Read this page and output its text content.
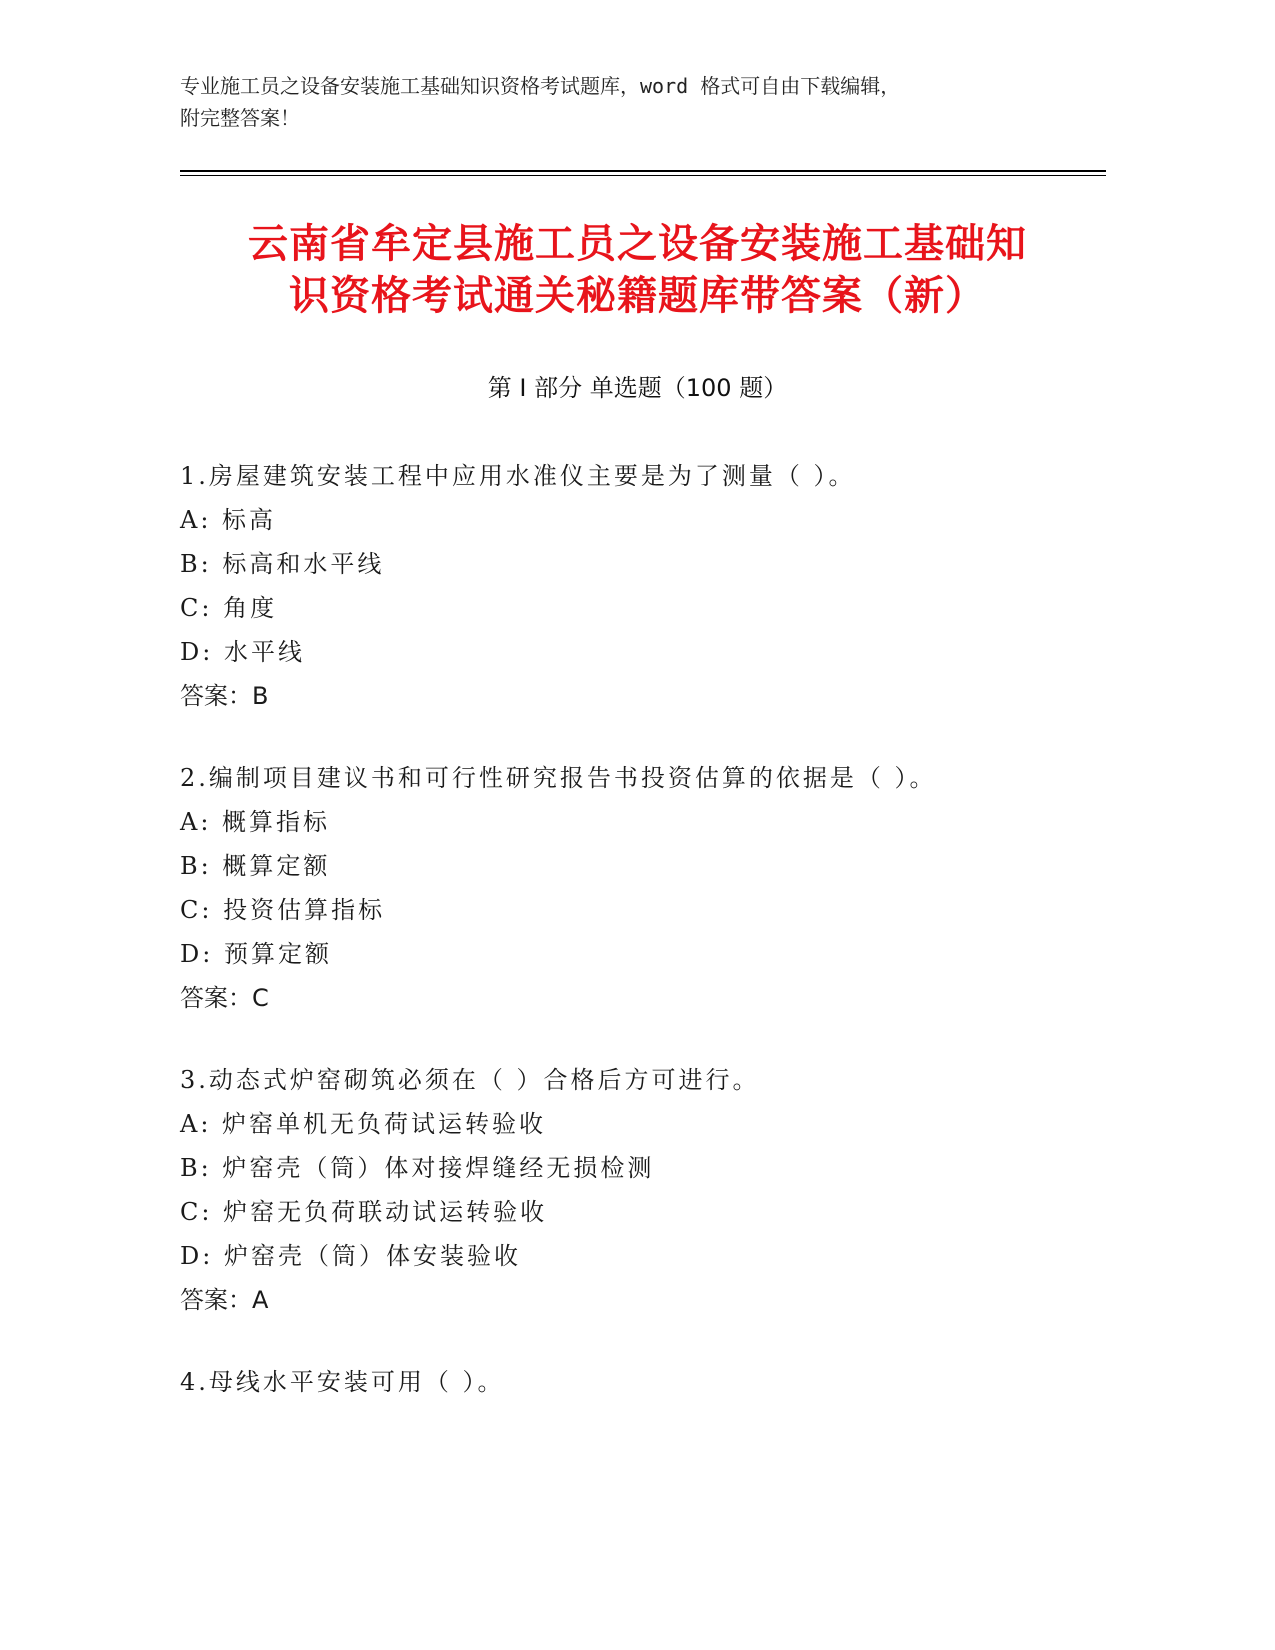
专业施工员之设备安装施工基础知识资格考试题库，word 格式可自由下载编辑，
附完整答案！
云南省牟定县施工员之设备安装施工基础知
识资格考试通关秘籍题库带答案（新）
第 I 部分 单选题（100 题）
1.房屋建筑安装工程中应用水准仪主要是为了测量（ ）。
A: 标高
B: 标高和水平线
C: 角度
D: 水平线
答案：B
2.编制项目建议书和可行性研究报告书投资估算的依据是（ ）。
A: 概算指标
B: 概算定额
C: 投资估算指标
D: 预算定额
答案：C
3.动态式炉窑砌筑必须在（ ）合格后方可进行。
A: 炉窑单机无负荷试运转验收
B: 炉窑壳（筒）体对接焊缝经无损检测
C: 炉窑无负荷联动试运转验收
D: 炉窑壳（筒）体安装验收
答案：A
4.母线水平安装可用（ ）。
